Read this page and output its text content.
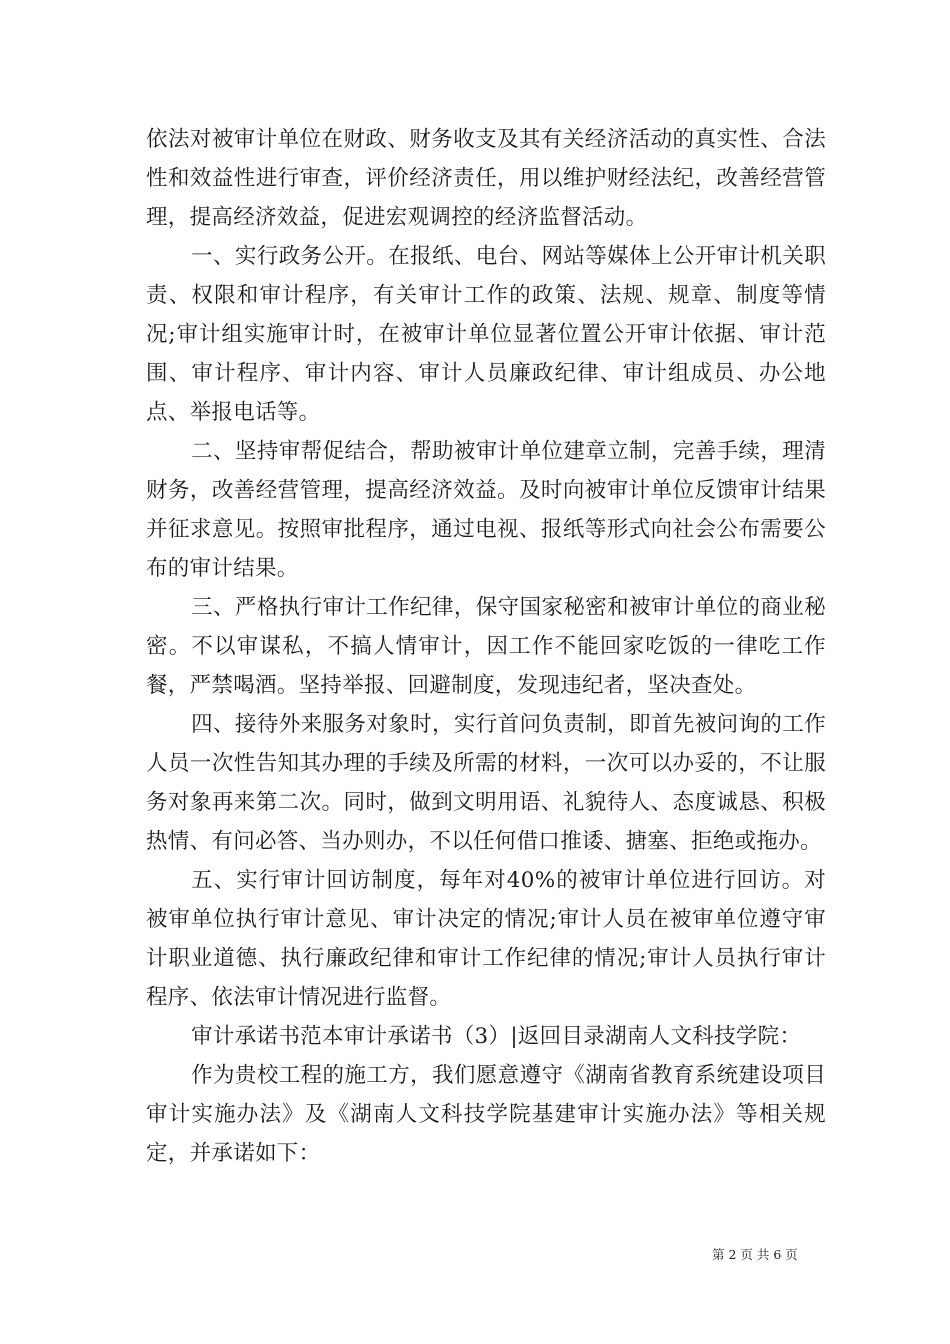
依法对被审计单位在财政、财务收支及其有关经济活动的真实性、合法性和效益性进行审查，评价经济责任，用以维护财经法纪，改善经营管理，提高经济效益，促进宏观调控的经济监督活动。

一、实行政务公开。在报纸、电台、网站等媒体上公开审计机关职责、权限和审计程序，有关审计工作的政策、法规、规章、制度等情况;审计组实施审计时，在被审计单位显著位置公开审计依据、审计范围、审计程序、审计内容、审计人员廉政纪律、审计组成员、办公地点、举报电话等。

二、坚持审帮促结合，帮助被审计单位建章立制，完善手续，理清财务，改善经营管理，提高经济效益。及时向被审计单位反馈审计结果并征求意见。按照审批程序，通过电视、报纸等形式向社会公布需要公布的审计结果。

三、严格执行审计工作纪律，保守国家秘密和被审计单位的商业秘密。不以审谋私，不搞人情审计，因工作不能回家吃饭的一律吃工作餐，严禁喝酒。坚持举报、回避制度，发现违纪者，坚决查处。

四、接待外来服务对象时，实行首问负责制，即首先被问询的工作人员一次性告知其办理的手续及所需的材料，一次可以办妥的，不让服务对象再来第二次。同时，做到文明用语、礼貌待人、态度诚恳、积极热情、有问必答、当办则办，不以任何借口推诿、搪塞、拒绝或拖办。

五、实行审计回访制度，每年对40%的被审计单位进行回访。对被审单位执行审计意见、审计决定的情况;审计人员在被审单位遵守审计职业道德、执行廉政纪律和审计工作纪律的情况;审计人员执行审计程序、依法审计情况进行监督。

审计承诺书范本审计承诺书（3）|返回目录湖南人文科技学院：

作为贵校工程的施工方，我们愿意遵守《湖南省教育系统建设项目审计实施办法》及《湖南人文科技学院基建审计实施办法》等相关规定，并承诺如下：

第 2 页 共 6 页
